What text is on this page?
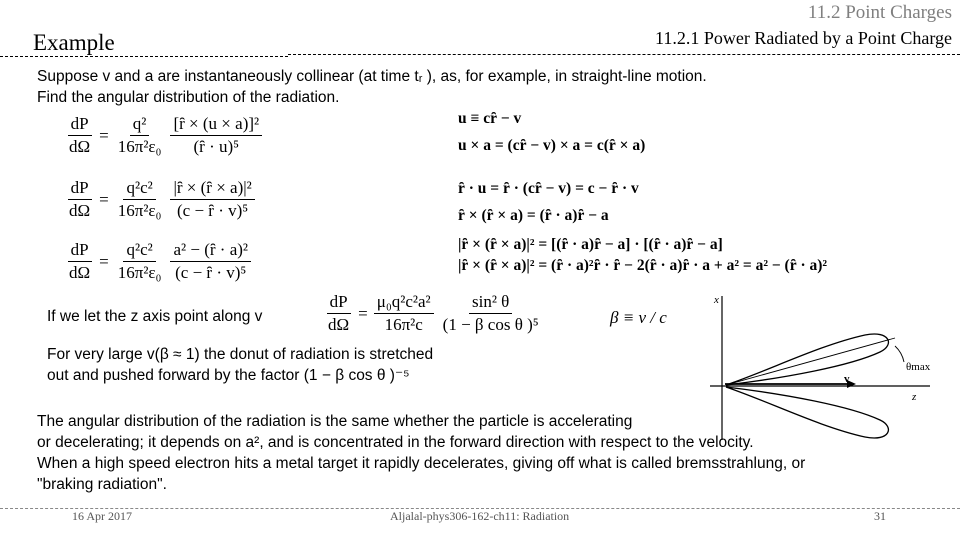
11.2 Point Charges
11.2.1 Power Radiated by a Point Charge
Example
Suppose v and a are instantaneously collinear (at time tᵣ ), as, for example, in straight-line motion.
Find the angular distribution of the radiation.
$\frac{dP}{d\Omega} = \frac{\text{q²}}{\text{16π²ε₀}} \frac{\text{[ȓ × (u × a)]²}}{\text{(ȓ · u)⁵}}$
$\frac{dP}{d\Omega} = \frac{\text{q²c²}}{\text{16π²ε₀}} \frac{\text{|ȓ × (ȓ × a)|²}}{\text{(c − ȓ · v)⁵}}$
$\frac{dP}{d\Omega} = \frac{\text{q²c²}}{\text{16π²ε₀}} \frac{\text{a² − (ȓ · a)²}}{\text{(c − ȓ · v)⁵}}$
u ≡ cȓ − v
u × a = (cȓ − v) × a = c(ȓ × a)
ȓ · u = ȓ · (cȓ − v) = c − ȓ · v
ȓ × (ȓ × a) = (ȓ · a)ȓ − a
|ȓ × (ȓ × a)|² = [(ȓ · a)ȓ − a] · [(ȓ · a)ȓ − a]
|ȓ × (ȓ × a)|² = (ȓ · a)²ȓ · ȓ − 2(ȓ · a)ȓ · a + a² = a² − (ȓ · a)²
If we let the z axis point along v	$\frac{dP}{d\Omega} = \frac{\text{μ₀q²c²a²}}{\text{16π²c}} \frac{\text{sin² θ}}{\text{(1 − β cos θ )⁵}}$	β ≡ v / c
For very large v(β ≈ 1) the donut of radiation is stretched
out and pushed forward by the factor (1 − β cos θ )⁻⁵
The angular distribution of the radiation is the same whether the particle is accelerating
or decelerating; it depends on a², and is concentrated in the forward direction with respect to the velocity.
When a high speed electron hits a metal target it rapidly decelerates, giving off what is called bremsstrahlung, or
"braking radiation".
x
z
v
θmax
16 Apr 2017	Aljalal-phys306-162-ch11: Radiation	31
